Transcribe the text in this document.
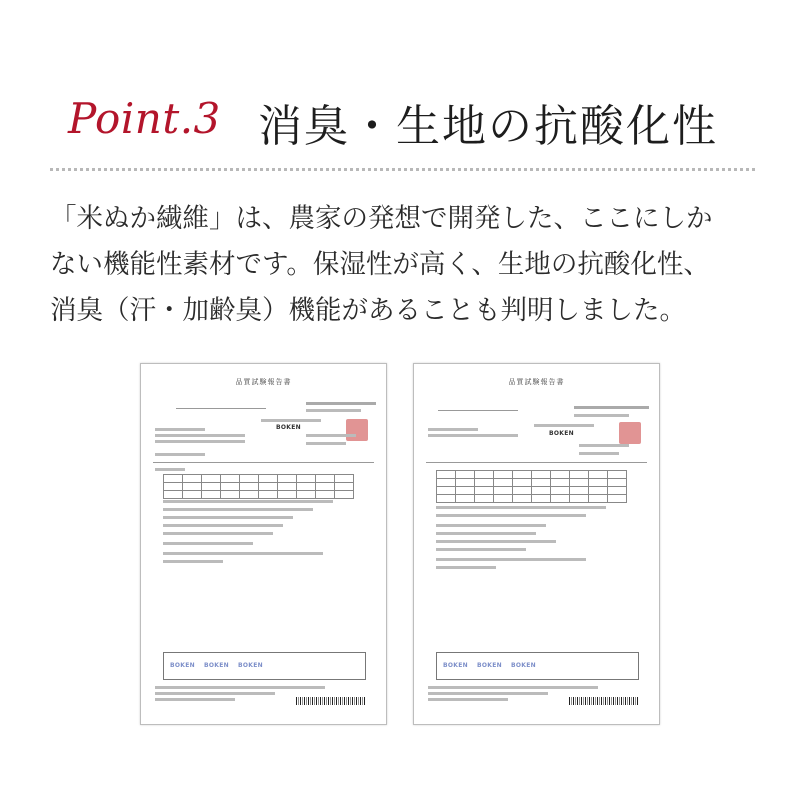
Point.3 消臭・生地の抗酸化性
「米ぬか繊維」は、農家の発想で開発した、ここにしか
ない機能性素材です。保湿性が高く、生地の抗酸化性、
消臭（汗・加齢臭）機能があることも判明しました。
品質試験報告書
BOKEN

BOKEN BOKEN BOKEN
品質試験報告書
BOKEN

BOKEN BOKEN BOKEN
